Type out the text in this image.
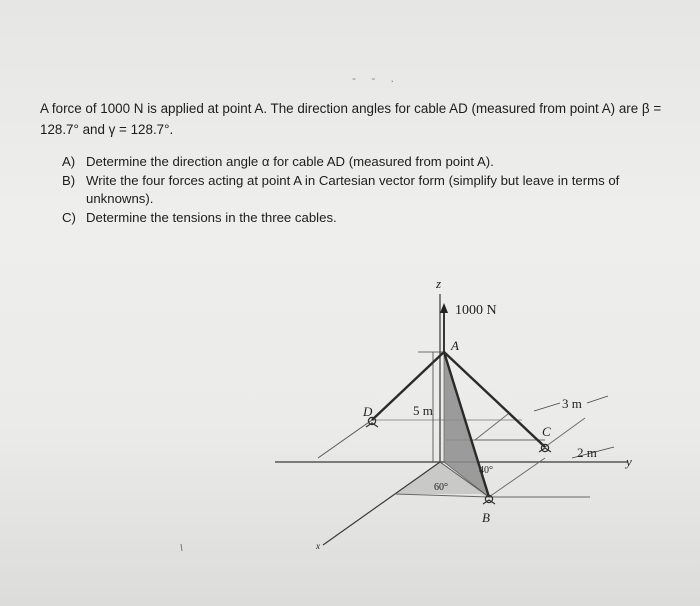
- - .

A force of 1000 N is applied at point A. The direction angles for cable AD (measured from point A) are β = 128.7° and γ = 128.7°.

A) Determine the direction angle α for cable AD (measured from point A).
B) Write the four forces acting at point A in Cartesian vector form (simplify but leave in terms of unknowns).
C) Determine the tensions in the three cables.
5 m
1000 N
z
A
D
C
B
3 m
2 m
y
x
60°
40°
